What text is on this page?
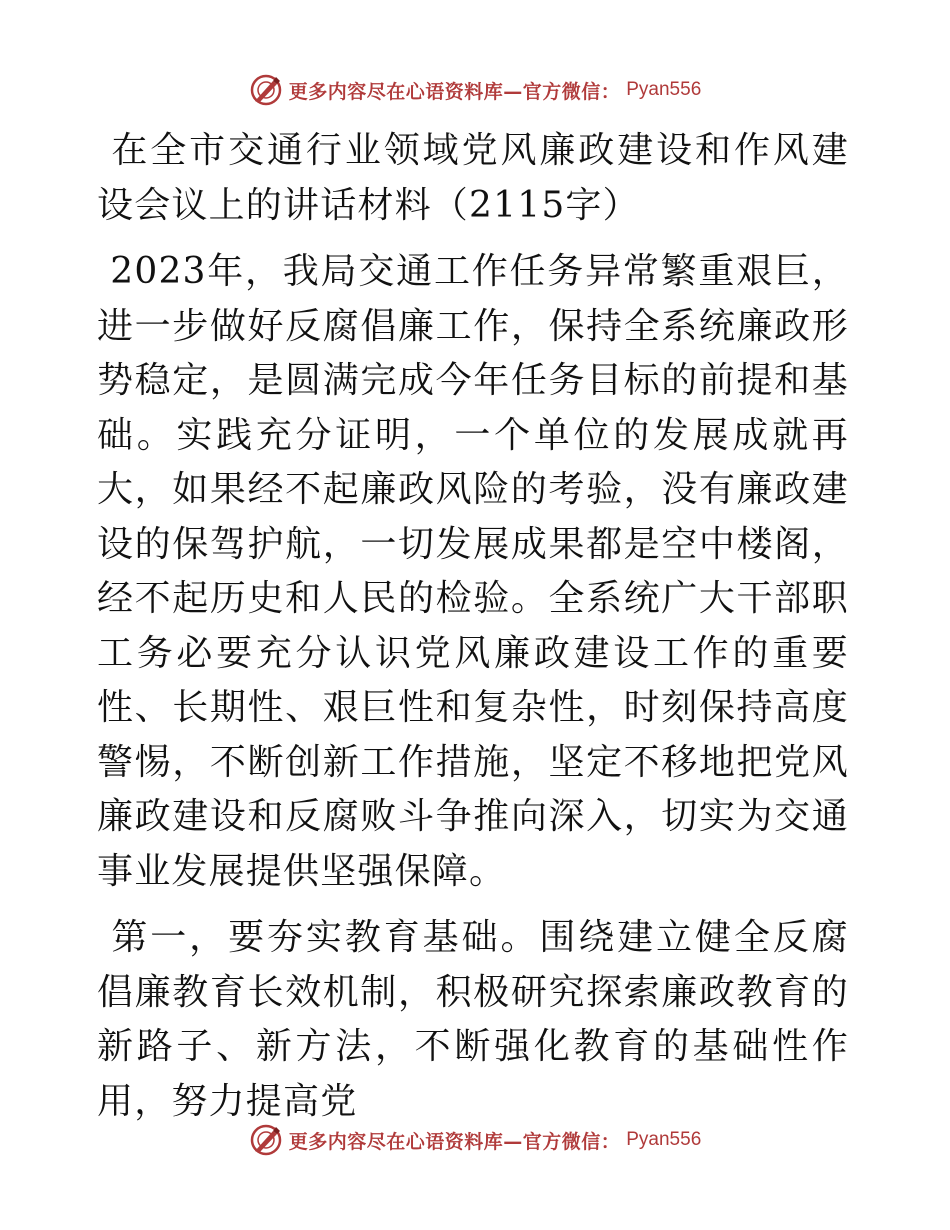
更多内容尽在心语资料库—官方微信： Pyan556

在全市交通行业领域党风廉政建设和作风建设会议上的讲话材料（2115字）

2023年，我局交通工作任务异常繁重艰巨，进一步做好反腐倡廉工作，保持全系统廉政形势稳定，是圆满完成今年任务目标的前提和基础。实践充分证明，一个单位的发展成就再大，如果经不起廉政风险的考验，没有廉政建设的保驾护航，一切发展成果都是空中楼阁，经不起历史和人民的检验。全系统广大干部职工务必要充分认识党风廉政建设工作的重要性、长期性、艰巨性和复杂性，时刻保持高度警惕，不断创新工作措施，坚定不移地把党风廉政建设和反腐败斗争推向深入，切实为交通事业发展提供坚强保障。

第一，要夯实教育基础。围绕建立健全反腐倡廉教育长效机制，积极研究探索廉政教育的新路子、新方法，不断强化教育的基础性作用，努力提高党

更多内容尽在心语资料库—官方微信： Pyan556
